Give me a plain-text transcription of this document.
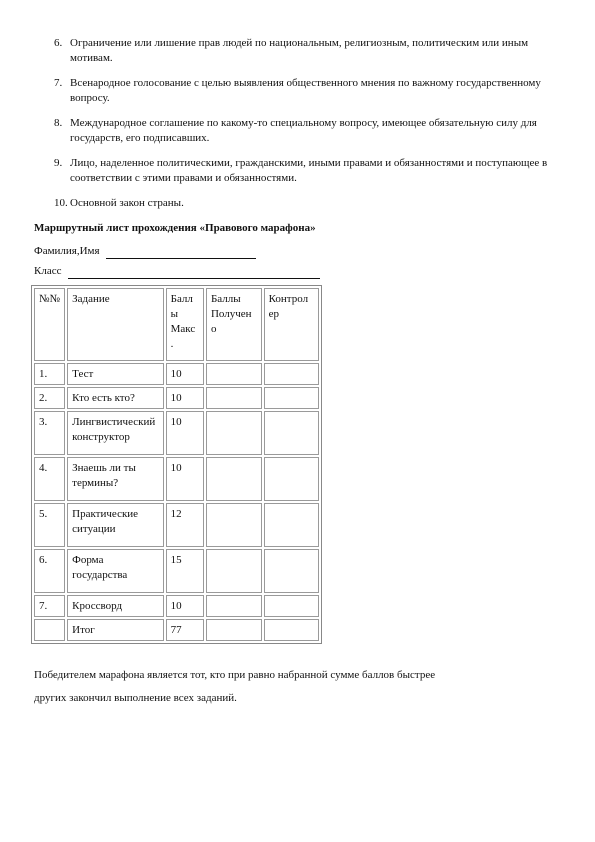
6. Ограничение или лишение прав людей по национальным, религиозным, политическим или иным мотивам.
7. Всенародное голосование с целью выявления общественного мнения по важному государственному вопросу.
8. Международное соглашение по какому-то специальному вопросу, имеющее обязательную силу для государств, его подписавших.
9. Лицо, наделенное политическими, гражданскими, иными правами и обязанностями и поступающее в соответствии с этими правами и обязанностями.
10. Основной закон страны.
Маршрутный лист прохождения «Правового марафона»
Фамилия,Имя
Класс
№№	Задание	Балл ы Макс .	Баллы Получен о	Контрол ер
1.	Тест	10		
2.	Кто есть кто?	10		
3.	Лингвистический конструктор	10		
4.	Знаешь ли ты термины?	10		
5.	Практические ситуации	12		
6.	Форма государства	15		
7.	Кроссворд	10		
	Итог	77		
Победителем марафона является тот, кто при равно набранной сумме баллов быстрее
других закончил выполнение всех заданий.
